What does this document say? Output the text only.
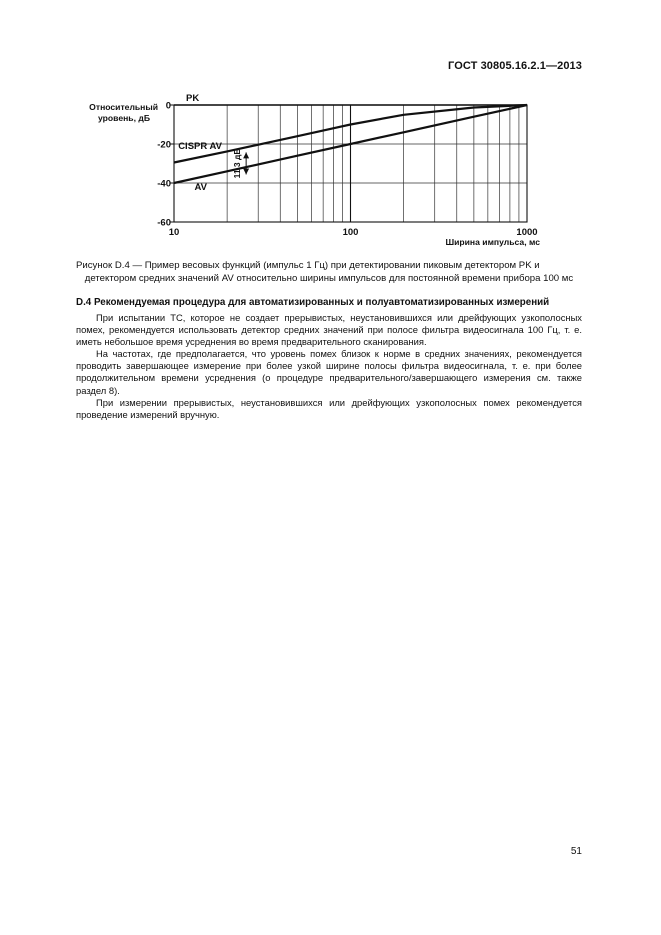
ГОСТ 30805.16.2.1—2013
0
-20
-40
-60
10	100	1000
Относительный уровень, дБ
Ширина импульса, мс
PK
CISPR AV
AV
11,3 дБ
Рисунок D.4 — Пример весовых функций (импульс 1 Гц) при детектировании пиковым детектором PK и
детектором средних значений AV относительно ширины импульсов для постоянной времени прибора 100 мс
D.4 Рекомендуемая процедура для автоматизированных и полуавтоматизированных измерений

При испытании ТС, которое не создает прерывистых, неустановившихся или дрейфующих узкополосных помех, рекомендуется использовать детектор средних значений при полосе фильтра видеосигнала 100 Гц, т. е. иметь небольшое время усреднения во время предварительного сканирования.

На частотах, где предполагается, что уровень помех близок к норме в средних значениях, рекомендуется проводить завершающее измерение при более узкой ширине полосы фильтра видеосигнала, т. е. при более продолжительном времени усреднения (о процедуре предварительного/завершающего измерения см. также раздел 8).

При измерении прерывистых, неустановившихся или дрейфующих узкополосных помех рекомендуется проведение измерений вручную.

51
